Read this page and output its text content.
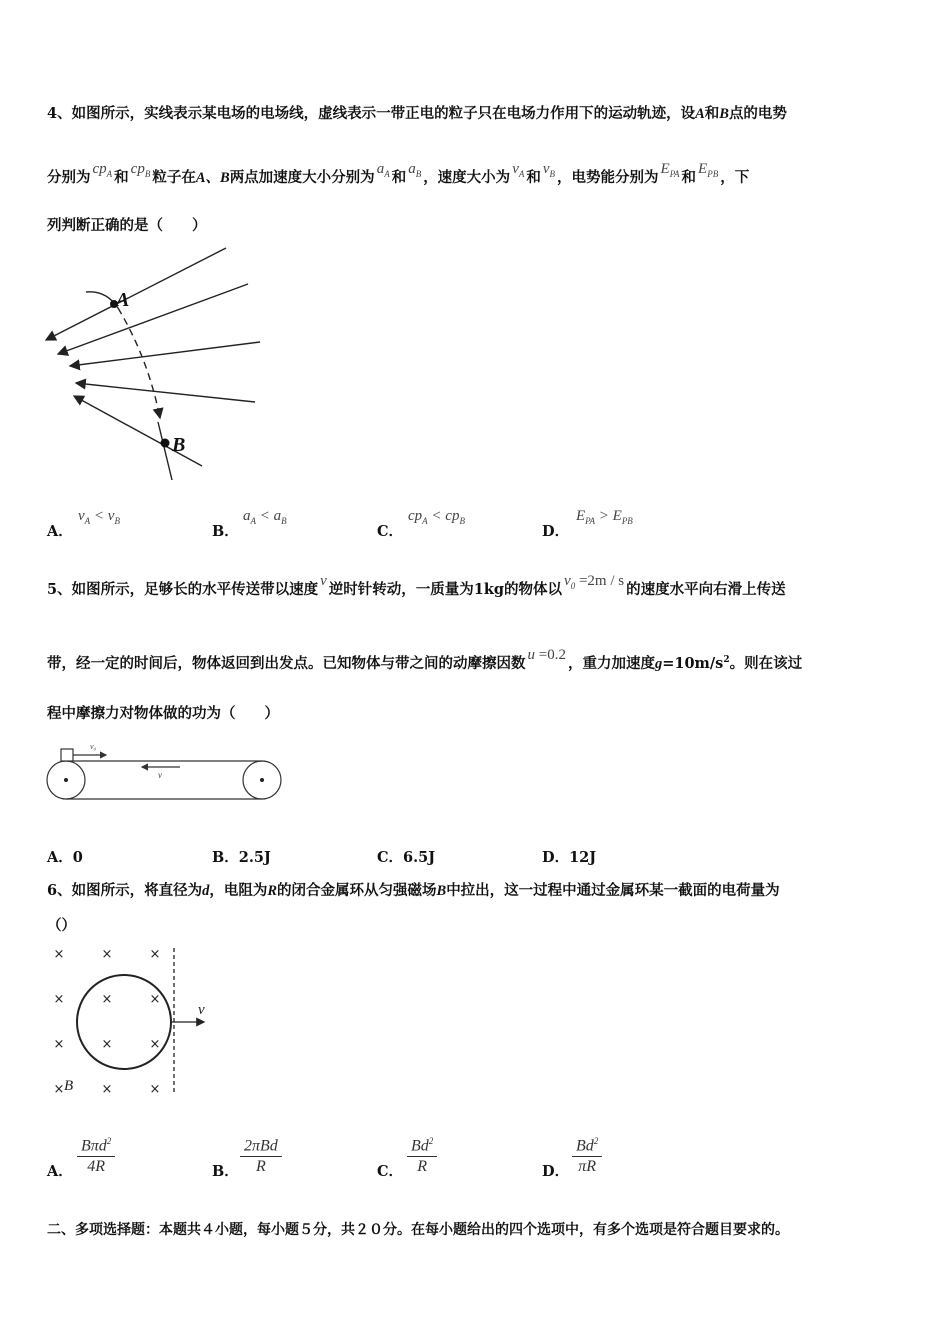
4、如图所示，实线表示某电场的电场线，虚线表示一带正电的粒子只在电场力作用下的运动轨迹，设A和B点的电势
分别为 $cp_A$ 和 $cp_B$ 粒子在A、B两点加速度大小分别为 $a_A$ 和 $a_B$ ，速度大小为 $v_A$ 和 $v_B$ ，电势能分别为 $E_{PA}$ 和 $E_{PB}$ ，下
列判断正确的是（　　）
A
B
A．
$v_A < v_B$
B．
$a_A < a_B$
C．
$cp_A < cp_B$
D．
$E_{PA} > E_{PB}$
5、如图所示，足够长的水平传送带以速度 v 逆时针转动，一质量为1kg的物体以 $v_0 =2m / s$ 的速度水平向右滑上传送
带，经一定的时间后，物体返回到出发点。已知物体与带之间的动摩擦因数 u =0.2 ，重力加速度$g=10m/s^2$。则在该过
程中摩擦力对物体做的功为（　　）
v₀
v
A．0	B．2.5J	C．6.5J	D．12J
6、如图所示，将直径为d，电阻为R的闭合金属环从匀强磁场B中拉出，这一过程中通过金属环某一截面的电荷量为
（）
×	×	×
×	×	×
×	×	×
×	×	×
v
B
A．
Bπd$^2$
4R	B．
2πBd
R	C． $\frac{Bd^2}{R}$	D． $\frac{Bd^2}{\pi R}$
二、多项选择题：本题共４小题，每小题５分，共２０分。在每小题给出的四个选项中，有多个选项是符合题目要求的。
